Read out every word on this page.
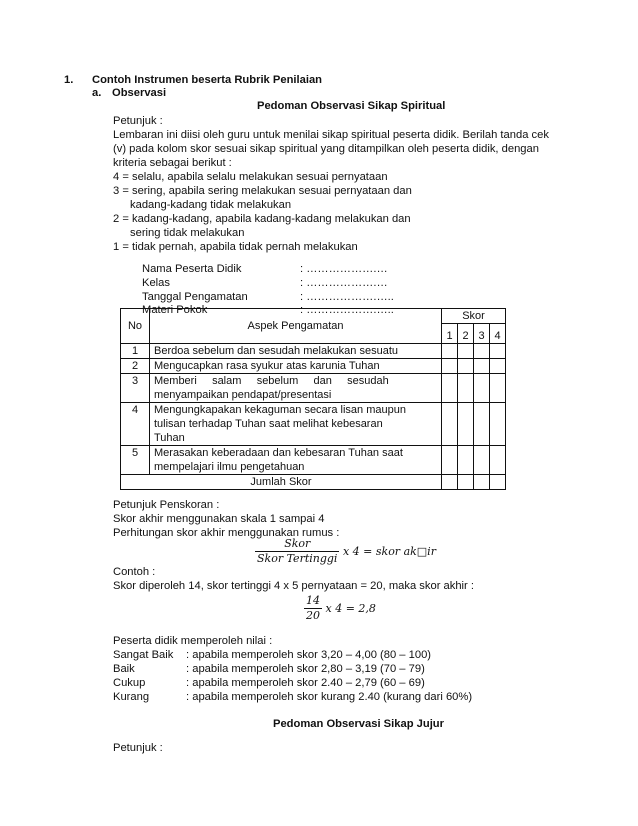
1. Contoh Instrumen beserta Rubrik Penilaian
a. Observasi
Pedoman Observasi Sikap Spiritual
Petunjuk :
Lembaran ini diisi oleh guru untuk menilai sikap spiritual peserta didik. Berilah tanda cek
(v) pada kolom skor sesuai sikap spiritual yang ditampilkan oleh peserta didik, dengan
kriteria sebagai berikut :
4 = selalu, apabila selalu melakukan sesuai pernyataan
3 = sering, apabila sering melakukan sesuai pernyataan dan
kadang-kadang tidak melakukan
2 = kadang-kadang, apabila kadang-kadang melakukan dan
sering tidak melakukan
1 = tidak pernah, apabila tidak pernah melakukan
Nama Peserta Didik	: ……………….…
Kelas	: ……………….…
Tanggal Pengamatan	: ……………….…..
Materi Pokok	: ……………….…..
No	Aspek Pengamatan	Skor			
		1	2	3	4
1	Berdoa sebelum dan sesudah melakukan sesuatu				

2	Mengucapkan rasa syukur atas karunia Tuhan				

3	Memberi     salam     sebelum     dan     sesudah
menyampaikan pendapat/presentasi				

4	Mengungkapakan kekaguman secara lisan maupun
tulisan terhadap Tuhan saat melihat kebesaran
Tuhan				

5	Merasakan keberadaan dan kebesaran Tuhan saat
mempelajari ilmu pengetahuan				

Jumlah Skor					
Petunjuk Penskoran :
Skor akhir menggunakan skala 1 sampai 4
Perhitungan skor akhir menggunakan rumus :
$\frac{\text{Skor}}{\text{Skor Tertinggi}}$ x 4 = skor ak□ir
Contoh :
Skor diperoleh 14, skor tertinggi 4 x 5 pernyataan = 20, maka skor akhir :
$\frac{14}{20}$ x 4 = 2,8
Peserta didik memperoleh nilai :
Sangat Baik : apabila memperoleh skor 3,20 – 4,00 (80 – 100)
Baik	: apabila memperoleh skor 2,80 – 3,19 (70 – 79)
Cukup	: apabila memperoleh skor 2.40 – 2,79 (60 – 69)
Kurang	: apabila memperoleh skor kurang 2.40 (kurang dari 60%)
Pedoman Observasi Sikap Jujur
Petunjuk :
